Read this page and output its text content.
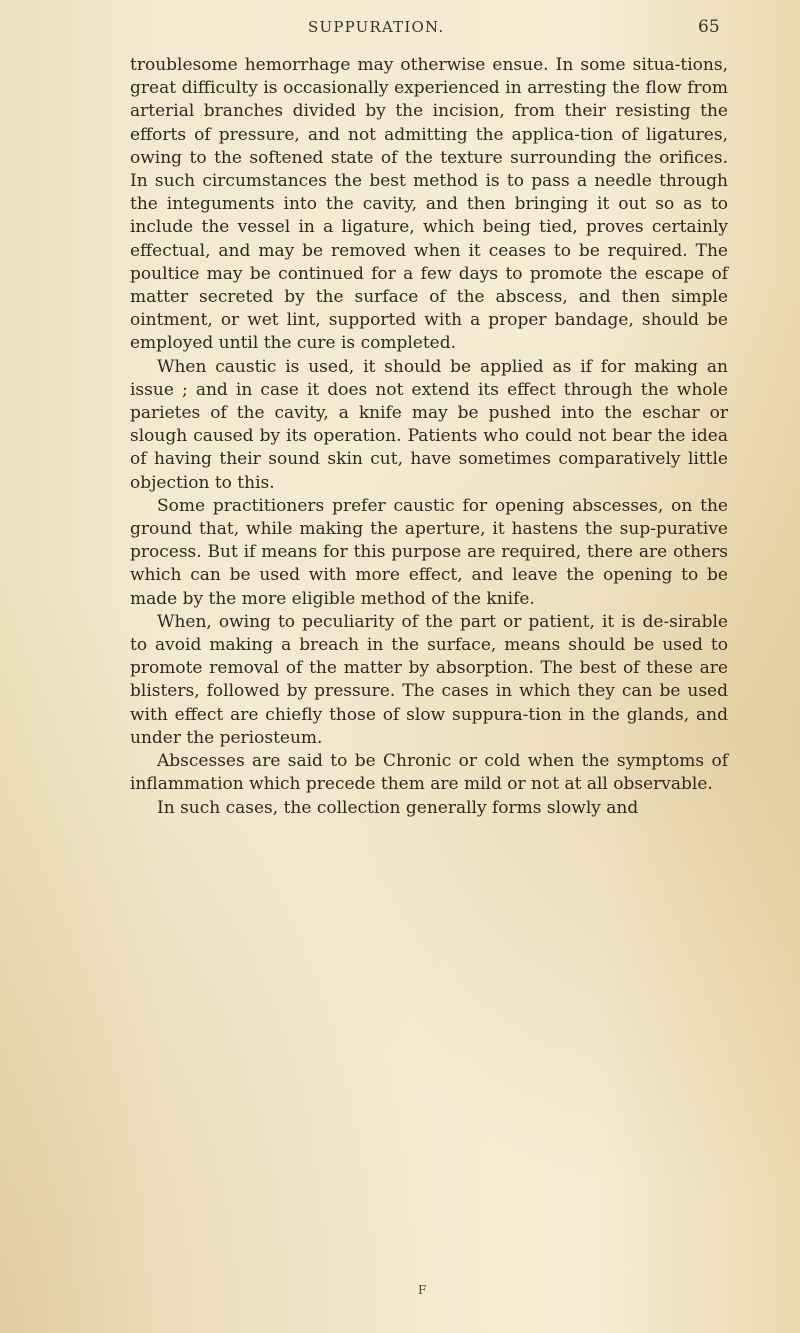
SUPPURATION.	65

troublesome hemorrhage may otherwise ensue. In some situa-tions, great difficulty is occasionally experienced in arresting the flow from arterial branches divided by the incision, from their resisting the efforts of pressure, and not admitting the applica-tion of ligatures, owing to the softened state of the texture surrounding the orifices. In such circumstances the best method is to pass a needle through the integuments into the cavity, and then bringing it out so as to include the vessel in a ligature, which being tied, proves certainly effectual, and may be removed when it ceases to be required. The poultice may be continued for a few days to promote the escape of matter secreted by the surface of the abscess, and then simple ointment, or wet lint, supported with a proper bandage, should be employed until the cure is completed.

When caustic is used, it should be applied as if for making an issue ; and in case it does not extend its effect through the whole parietes of the cavity, a knife may be pushed into the eschar or slough caused by its operation. Patients who could not bear the idea of having their sound skin cut, have sometimes comparatively little objection to this.

Some practitioners prefer caustic for opening abscesses, on the ground that, while making the aperture, it hastens the sup-purative process. But if means for this purpose are required, there are others which can be used with more effect, and leave the opening to be made by the more eligible method of the knife.

When, owing to peculiarity of the part or patient, it is de-sirable to avoid making a breach in the surface, means should be used to promote removal of the matter by absorption. The best of these are blisters, followed by pressure. The cases in which they can be used with effect are chiefly those of slow suppura-tion in the glands, and under the periosteum.

Abscesses are said to be Chronic or cold when the symptoms of inflammation which precede them are mild or not at all observable.

In such cases, the collection generally forms slowly and

F
